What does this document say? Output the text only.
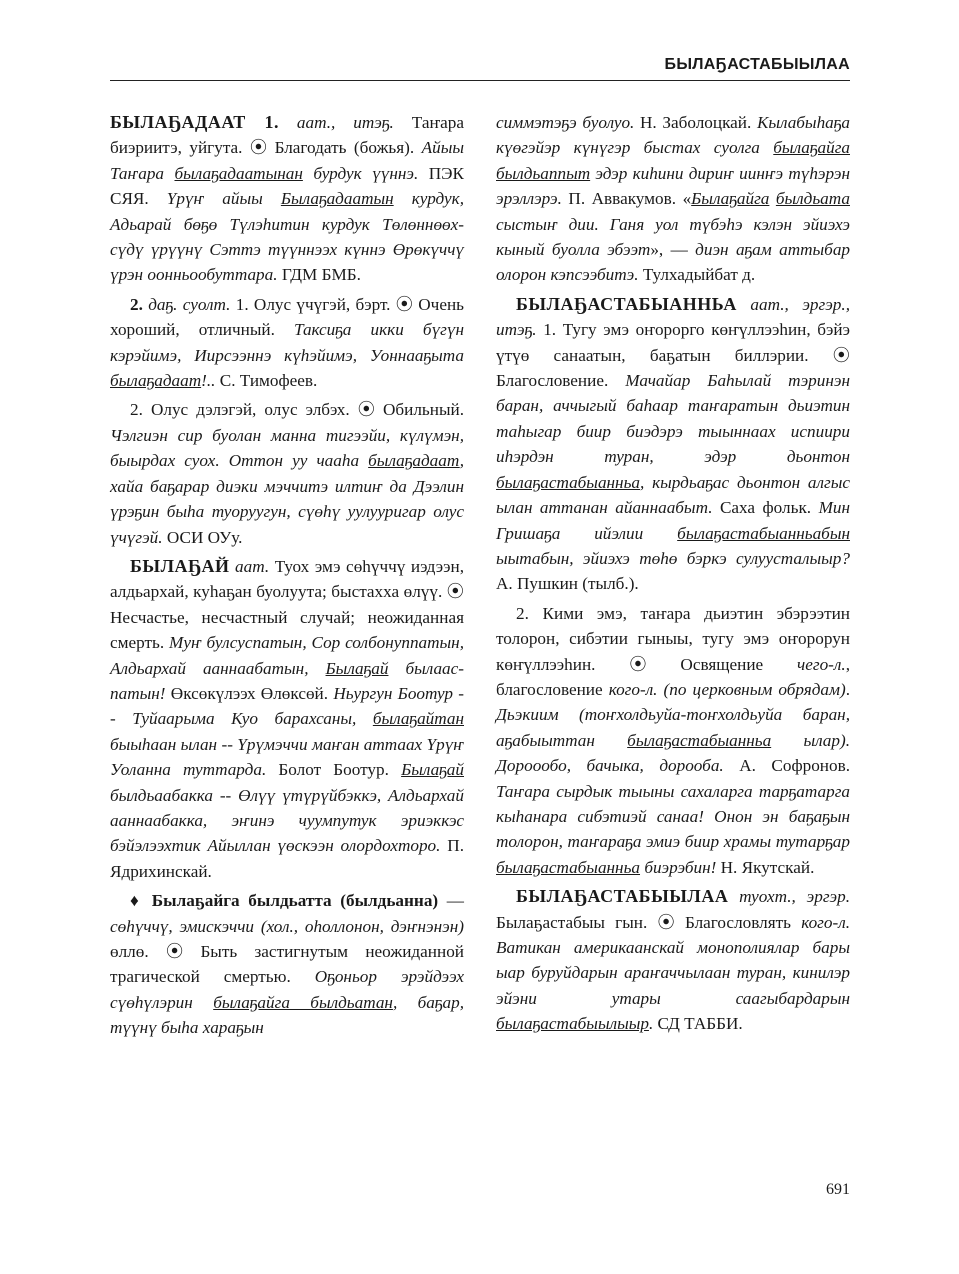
БЫЛАҔАСТАБЫЫЛАА

БЫЛАҔАДААТ 1. аат., итэҕ. Таҥара биэриитэ, уйгута. ⦿ Благодать (божья). Айыы Таҥара былаҕадаатынан бурдук үүннэ. ПЭК СЯЯ. Үрүҥ айыы Былаҕадаатын курдук, Адьарай бөҕө Түлэһитин курдук Төлөннөөх-сүдү үрүүнү Сэттэ түүннээх күннэ Өрөкүччү үрэн оонньообуттара. ГДМ БМБ.

2. даҕ. суолт. 1. Олус үчүгэй, бэрт. ⦿ Очень хороший, отличный. Таксиҕа икки бүгүн кэрэйимэ, Иирсээннэ күһэйимэ, Уоннааҕыта былаҕадаат!.. С. Тимофеев.

2. Олус дэлэгэй, олус элбэх. ⦿ Обильный. Чэлгиэн сир буолан манна тигээйи, күлүмэн, быырдах суох. Оттон уу чааһа былаҕадаат, хайа баҕарар диэки мэччитэ илтиҥ да Дээлин үрэҕин быһа туоруугун, сүөһү уулуурuгар олус үчүгэй. ОСИ ОУу.

БЫЛАҔАЙ аат. Туох эмэ сөһүччү иэдээн, алдьархай, куһаҕан буолуута; быстахха өлүү. ⦿ Несчастье, несчастный случай; неожиданная смерть. Муҥ булсуспатын, Сор солбонуппатын, Алдьархай ааннаабатын, Былаҕай былаас-патын! Өксөкүлээх Өлөксөй. Ньургун Боотур -- Туйаарыма Куо барахсаны, былаҕайтан быыһаан ылан -- Үрүмэччи маҥан аттаах Үрүҥ Уоланна туттарда. Болот Боотур. Былаҕай былдьаабакка -- Өлүү үтүрүйбэккэ, Алдьархай ааннаабакка, эҥинэ чуумпутук эриэккэс бэйэлээхтик Айыллан үөскээн олордохторо. П. Ядрихинскай.

♦ Былаҕайга былдьатта (былдьанна) — сөһүччү, эмискэччи (хол., оһоллонон, дэҥнэнэн) өллө. ⦿ Быть застигнутым неожиданной трагической смертью. Оҕоньор эрэйдээх сүөһүлэрин былаҕайга былдьатан, баҕар, түүнү быһа хараҕын

симмэтэҕэ буолуо. Н. Заболоцкай. Кылабыһаҕа күөгэйэр күнүгэр быстах суолга былаҕайга былдьаппыт эдэр киһини дириҥ иинҥэ түһэрэн эрэллэрэ. П. Аввакумов. «Былаҕайга былдьата сыстыҥ дии. Ганя уол түбэһэ кэлэн эйиэхэ кыный буолла эбээт», — диэн аҕам аттыбар олорон кэпсээбитэ. Тулхадыйбат д.

БЫЛАҔАСТАБЫАННЬА аат., эргэр., итэҕ. 1. Тугу эмэ оҥорорго көҥүллээһин, бэйэ үтүө санаатын, баҕатын биллэрии. ⦿ Благословение. Мачайар Баһылай тэринэн баран, аччыгый баһаар таҥаратын дьиэтин таһыгар биир биэдэрэ тыыннаах испиири иһэрдэн туран, эдэр дьонтон былаҕастабыанньа, кырдьаҕас дьонтон алгыс ылан аттанан айаннаабыт. Саха фольк. Мин Гришаҕа ийэлии былаҕастабыанньабын ыытабын, эйиэхэ төһө бэркэ сулуусталыыр? А. Пушкин (тылб.).

2. Кими эмэ, таҥара дьиэтин эбэрээтин толорон, сибэтии гыныы, тугу эмэ оҥорорун көҥүллээһин. ⦿ Освящение чего-л., благословение кого-л. (по церковным обрядам). Дьэкиим (тоҥхолдьуйа-тоҥхолдьуйа баран, аҕабыыттан былаҕастабыанньа ылар). Дороообо, бачыка, дорооба. А. Софронов. Таҥара сырдык тыыны сахаларга тарҕатарга кыһанара сибэтиэй санаа! Онон эн баҕаҕын толорон, таҥараҕа эмиэ биир храмы тутарҕар былаҕастабыанньа биэрэбин! Н. Якутскай.

БЫЛАҔАСТАБЫЫЛАА туохт., эргэр. Былаҕастабыы гын. ⦿ Благословлять кого-л. Ватикан америкаанскай монополиялар бары ыар буруйдарын араҥаччылаан туран, кинилэр эйэни утары саагыбардарын былаҕастабыылыыр. СД ТАББИ.

691
